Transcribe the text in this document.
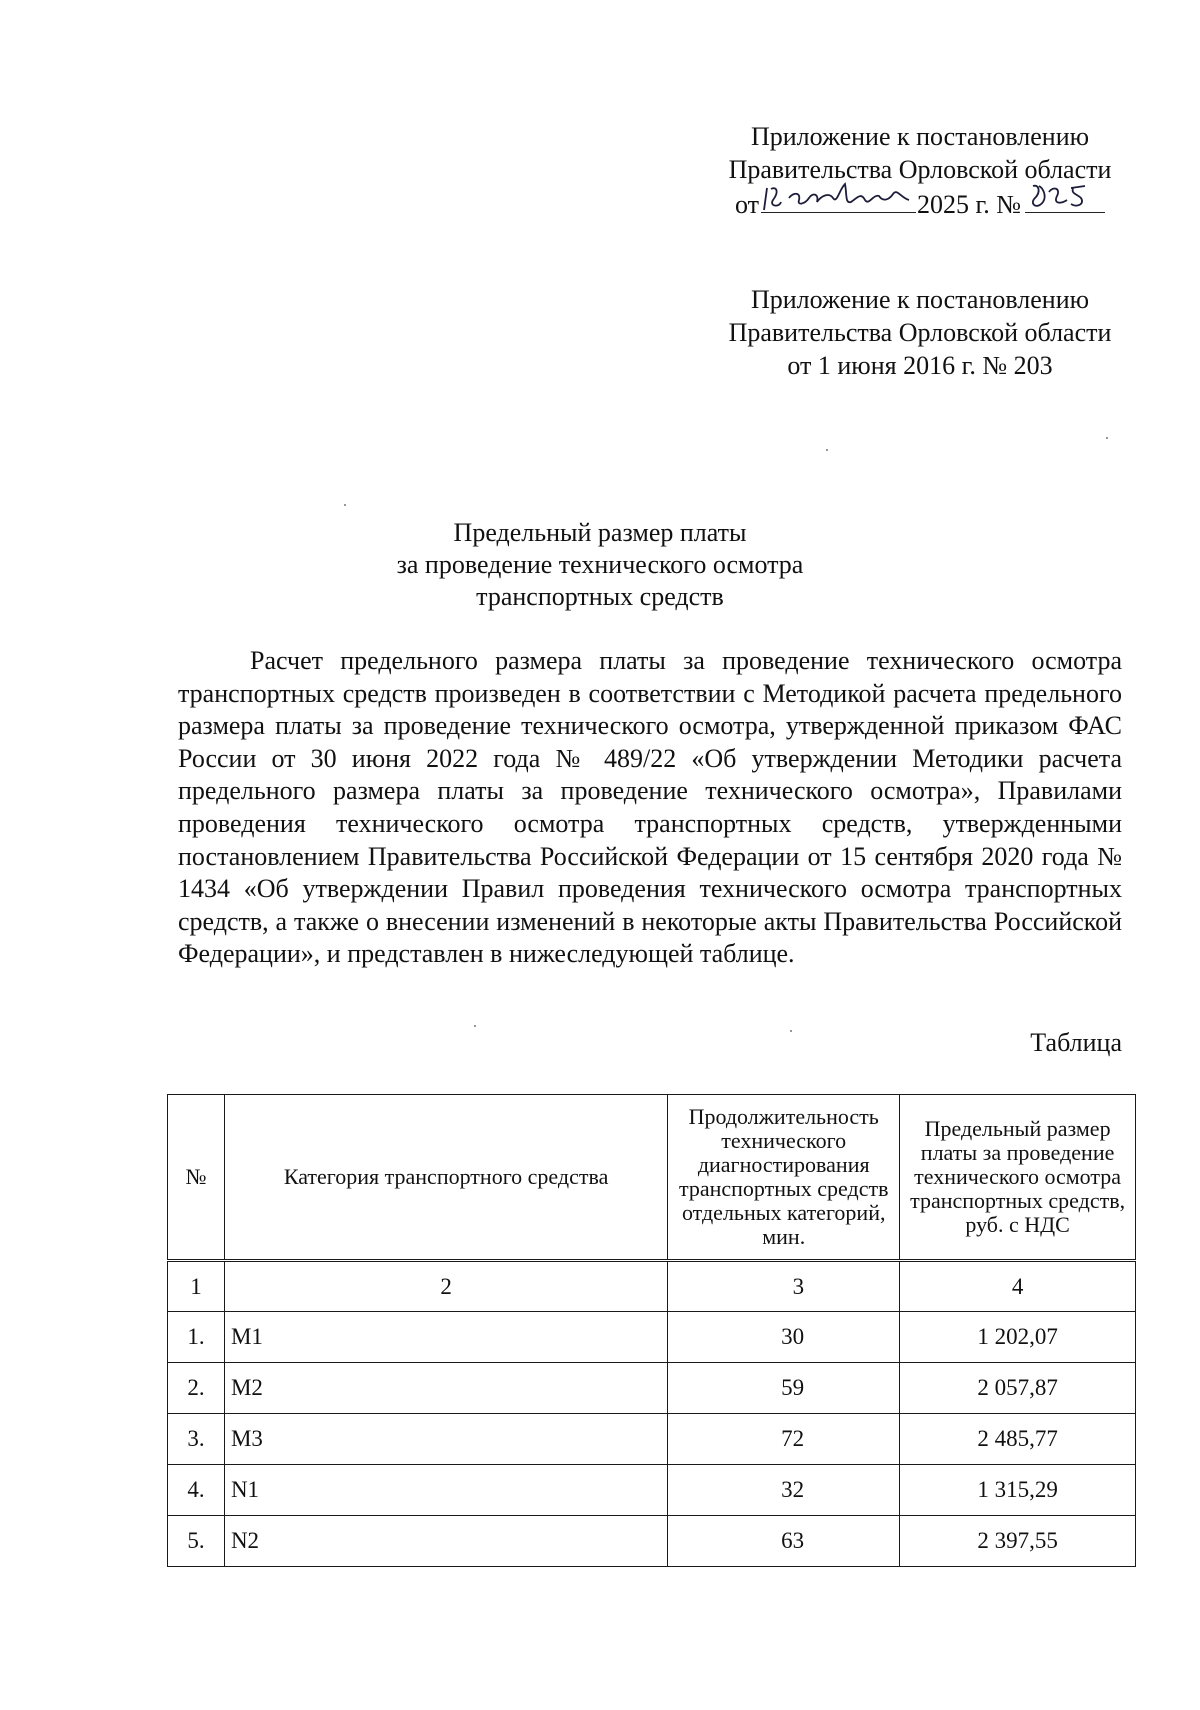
Приложение к постановлению
Правительства Орловской области
от	2025 г. №
Приложение к постановлению
Правительства Орловской области
от 1 июня 2016 г. № 203
Предельный размер платы
за проведение технического осмотра
транспортных средств

Расчет предельного размера платы за проведение технического осмотра транспортных средств произведен в соответствии с Методикой расчета предельного размера платы за проведение технического осмотра, утвержденной приказом ФАС России от 30 июня 2022 года № 489/22 «Об утверждении Методики расчета предельного размера платы за проведение технического осмотра», Правилами проведения технического осмотра транспортных средств, утвержденными постановлением Правительства Российской Федерации от 15 сентября 2020 года № 1434 «Об утверждении Правил проведения технического осмотра транспортных средств, а также о внесении изменений в некоторые акты Правительства Российской Федерации», и представлен в нижеследующей таблице.

Таблица
№	Категория транспортного средства	Продолжительность технического диагностирования транспортных средств отдельных категорий, мин.	Предельный размер платы за проведение технического осмотра транспортных средств, руб. с НДС
1	2	3	4
1.	M1	30	1 202,07
2.	M2	59	2 057,87
3.	M3	72	2 485,77
4.	N1	32	1 315,29
5.	N2	63	2 397,55
